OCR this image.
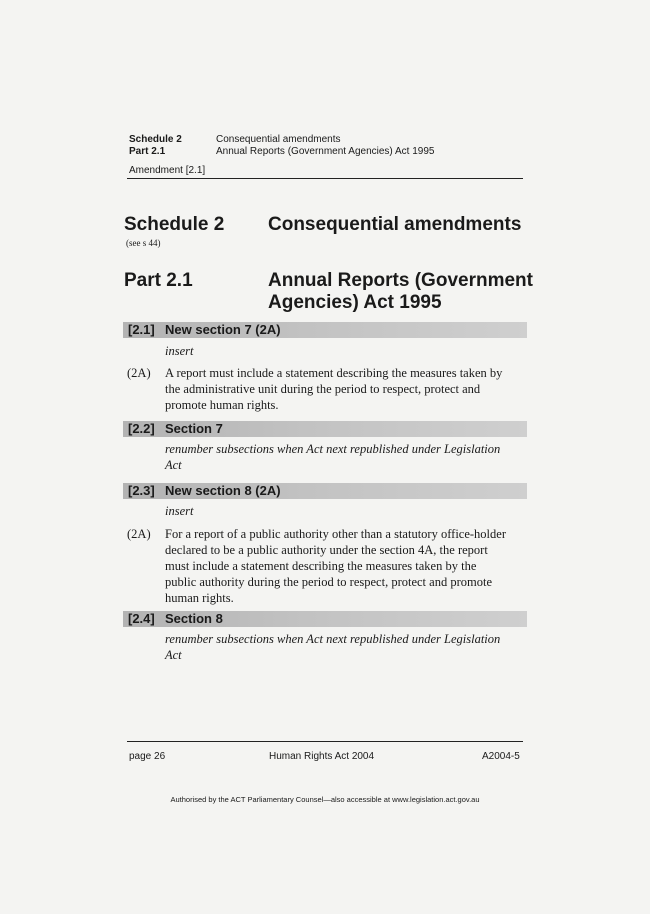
Schedule 2	Consequential amendments
Part 2.1	Annual Reports (Government Agencies) Act 1995
Amendment [2.1]
Schedule 2 Consequential amendments
(see s 44)
Part 2.1	Annual Reports (Government
Agencies) Act 1995
[2.1] New section 7 (2A)
insert
(2A) A report must include a statement describing the measures taken by
the administrative unit during the period to respect, protect and
promote human rights.
[2.2] Section 7
renumber subsections when Act next republished under Legislation
Act
[2.3] New section 8 (2A)
insert
(2A) For a report of a public authority other than a statutory office-holder
declared to be a public authority under the section 4A, the report
must include a statement describing the measures taken by the
public authority during the period to respect, protect and promote
human rights.
[2.4] Section 8
renumber subsections when Act next republished under Legislation
Act
page 26	Human Rights Act 2004	A2004-5
Authorised by the ACT Parliamentary Counsel—also accessible at www.legislation.act.gov.au
